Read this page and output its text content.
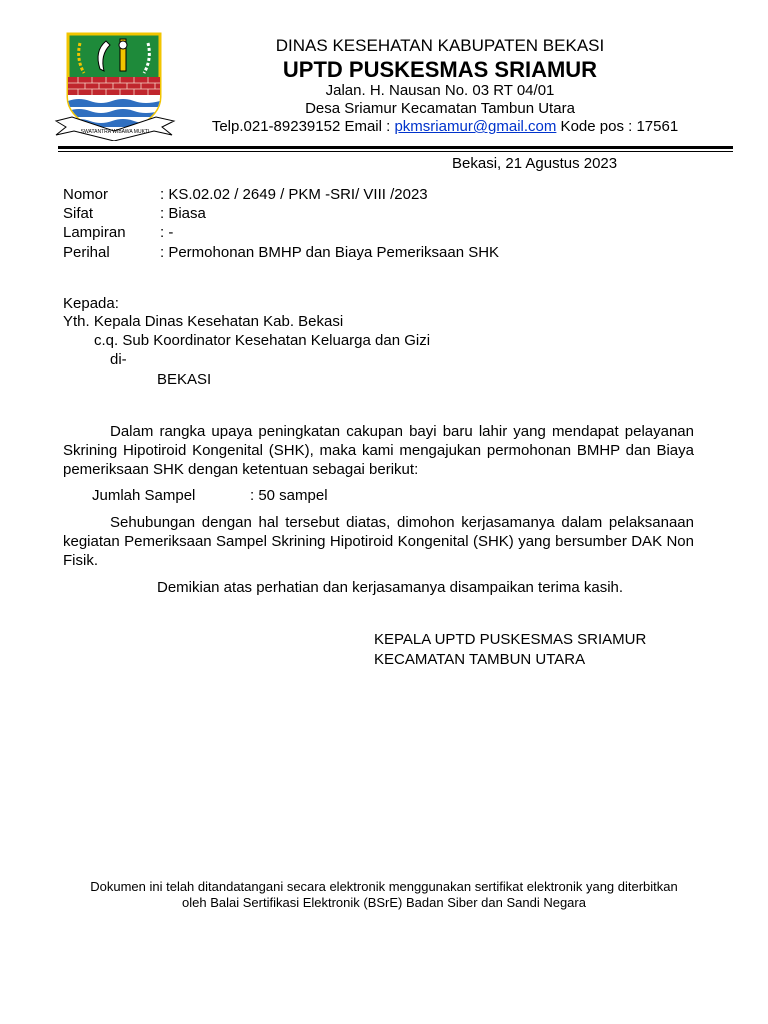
SWATANTRA WIBAWA MUKTI
DINAS KESEHATAN KABUPATEN BEKASI
UPTD PUSKESMAS SRIAMUR
Jalan. H. Nausan No. 03 RT 04/01
Desa Sriamur Kecamatan Tambun Utara
Telp.021-89239152 Email : pkmsriamur@gmail.com Kode pos : 17561
Bekasi, 21 Agustus 2023
Nomor	: KS.02.02 / 2649 / PKM -SRI/ VIII /2023
Sifat	: Biasa
Lampiran : -
Perihal	: Permohonan BMHP dan Biaya Pemeriksaan SHK
Kepada:
Yth. Kepala Dinas Kesehatan Kab. Bekasi
c.q. Sub Koordinator Kesehatan Keluarga dan Gizi
di-
BEKASI
Dalam rangka upaya peningkatan cakupan bayi baru lahir yang mendapat pelayanan Skrining Hipotiroid Kongenital (SHK), maka kami mengajukan permohonan BMHP dan Biaya pemeriksaan SHK dengan ketentuan sebagai berikut:
Jumlah Sampel	: 50 sampel
Sehubungan dengan hal tersebut diatas, dimohon kerjasamanya dalam pelaksanaan kegiatan Pemeriksaan Sampel Skrining Hipotiroid Kongenital (SHK) yang bersumber DAK Non Fisik.
Demikian atas perhatian dan kerjasamanya disampaikan terima kasih.
KEPALA UPTD PUSKESMAS SRIAMUR
KECAMATAN TAMBUN UTARA
Dokumen ini telah ditandatangani secara elektronik menggunakan sertifikat elektronik yang diterbitkan
oleh Balai Sertifikasi Elektronik (BSrE) Badan Siber dan Sandi Negara
